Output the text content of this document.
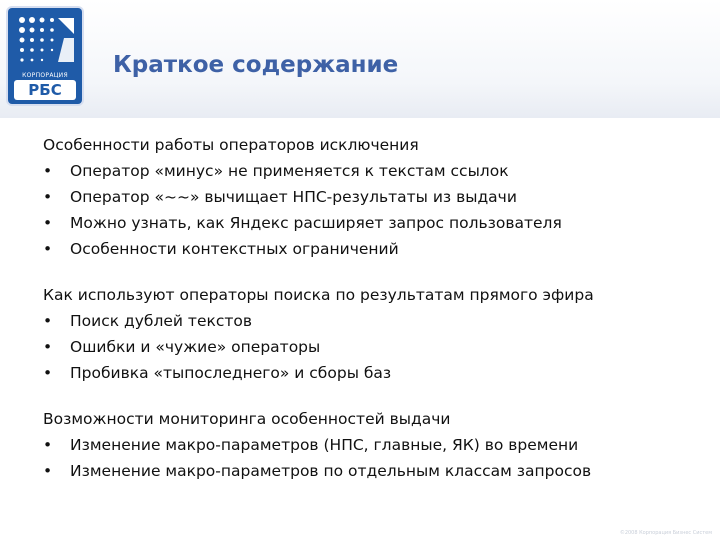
КОРПОРАЦИЯ
РБС
Краткое содержание
Особенности работы операторов исключения
• Оператор «минус» не применяется к текстам ссылок
• Оператор «~~» вычищает НПС-результаты из выдачи
• Можно узнать, как Яндекс расширяет запрос пользователя
• Особенности контекстных ограничений
Как используют операторы поиска по результатам прямого эфира
• Поиск дублей текстов
• Ошибки и «чужие» операторы
• Пробивка «тыпоследнего» и сборы баз
Возможности мониторинга особенностей выдачи
• Изменение макро-параметров (НПС, главные, ЯК) во времени
• Изменение макро-параметров по отдельным классам запросов
©2008 Корпорация Бизнес Систем
